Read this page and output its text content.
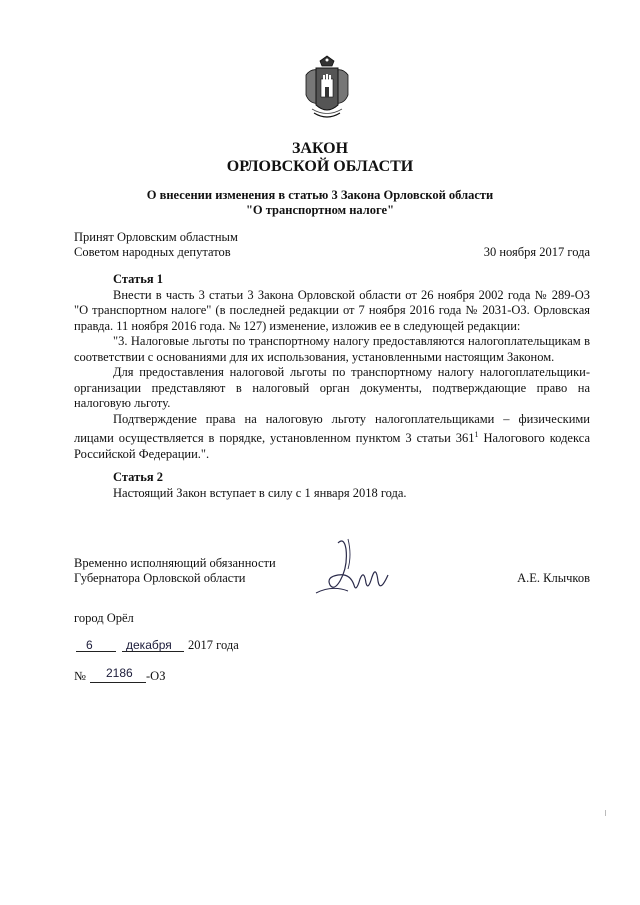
ЗАКОН
ОРЛОВСКОЙ ОБЛАСТИ
О внесении изменения в статью 3 Закона Орловской области
"О транспортном налоге"
Принят Орловским областным
Советом народных депутатов	30 ноября 2017 года
Статья 1

Внести в часть 3 статьи 3 Закона Орловской области от 26 ноября 2002 года № 289-ОЗ "О транспортном налоге" (в последней редакции от 7 ноября 2016 года № 2031-ОЗ. Орловская правда. 11 ноября 2016 года. № 127) изменение, изложив ее в следующей редакции:

"3. Налоговые льготы по транспортному налогу предоставляются налогоплательщикам в соответствии с основаниями для их использования, установленными настоящим Законом.

Для предоставления налоговой льготы по транспортному налогу налогоплательщики-организации представляют в налоговый орган документы, подтверждающие право на налоговую льготу.

Подтверждение права на налоговую льготу налогоплательщиками – физическими лицами осуществляется в порядке, установленном пунктом 3 статьи $361^1$ Налогового кодекса Российской Федерации.".

Статья 2

Настоящий Закон вступает в силу с 1 января 2018 года.

Временно исполняющий обязанности
Губернатора Орловской области	А.Е. Клычков
город Орёл
6	декабря 2017 года
№ 2186 -ОЗ
